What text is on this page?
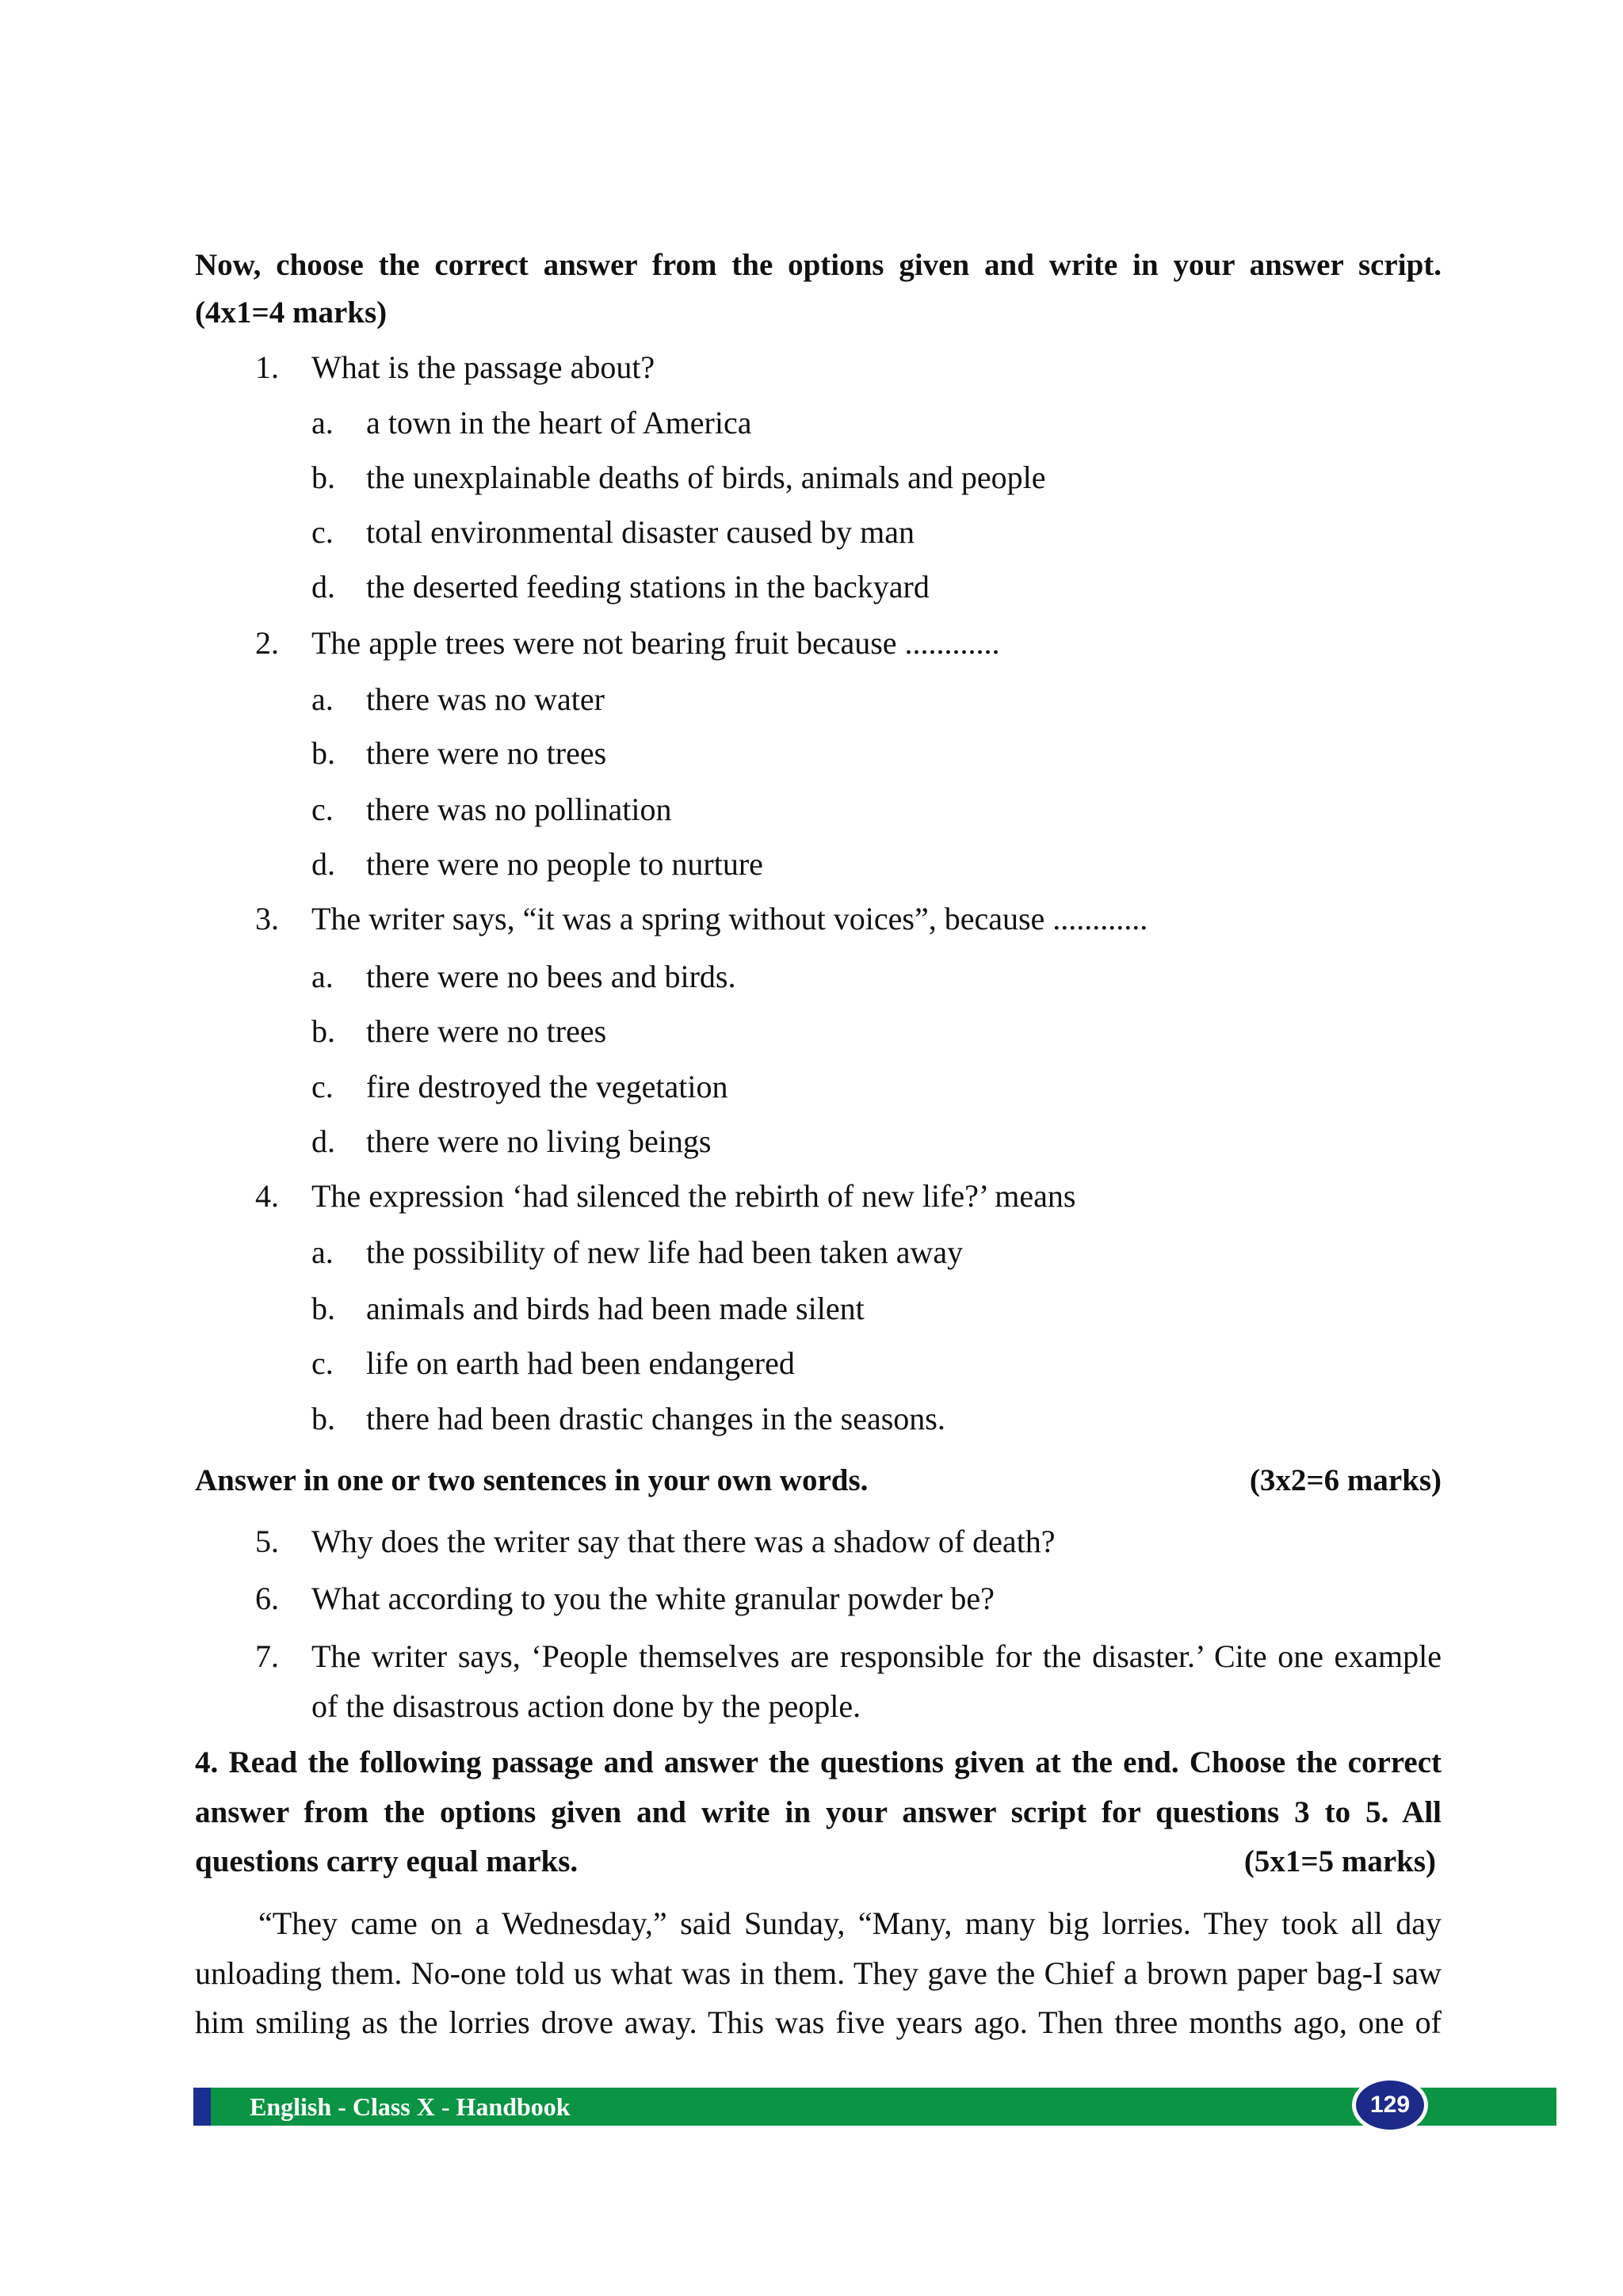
Now, choose the correct answer from the options given and write in your answer script.
(4x1=4 marks)
1. What is the passage about?
a. a town in the heart of America
b. the unexplainable deaths of birds, animals and people
c. total environmental disaster caused by man
d. the deserted feeding stations in the backyard
2. The apple trees were not bearing fruit because ............
a. there was no water
b. there were no trees
c. there was no pollination
d. there were no people to nurture
3. The writer says, “it was a spring without voices”, because ............
a. there were no bees and birds.
b. there were no trees
c. fire destroyed the vegetation
d. there were no living beings
4. The expression ‘had silenced the rebirth of new life?’ means
a. the possibility of new life had been taken away
b. animals and birds had been made silent
c. life on earth had been endangered
b. there had been drastic changes in the seasons.
Answer in one or two sentences in your own words.	(3x2=6 marks)
5. Why does the writer say that there was a shadow of death?
6. What according to you the white granular powder be?
7. The writer says, ‘People themselves are responsible for the disaster.’ Cite one example
of the disastrous action done by the people.
4. Read the following passage and answer the questions given at the end. Choose the correct
answer from the options given and write in your answer script for questions 3 to 5. All
questions carry equal marks.	(5x1=5 marks)
“They came on a Wednesday,” said Sunday, “Many, many big lorries. They took all day
unloading them. No-one told us what was in them. They gave the Chief a brown paper bag-I saw
him smiling as the lorries drove away. This was five years ago. Then three months ago, one of
English - Class X - Handbook	129
